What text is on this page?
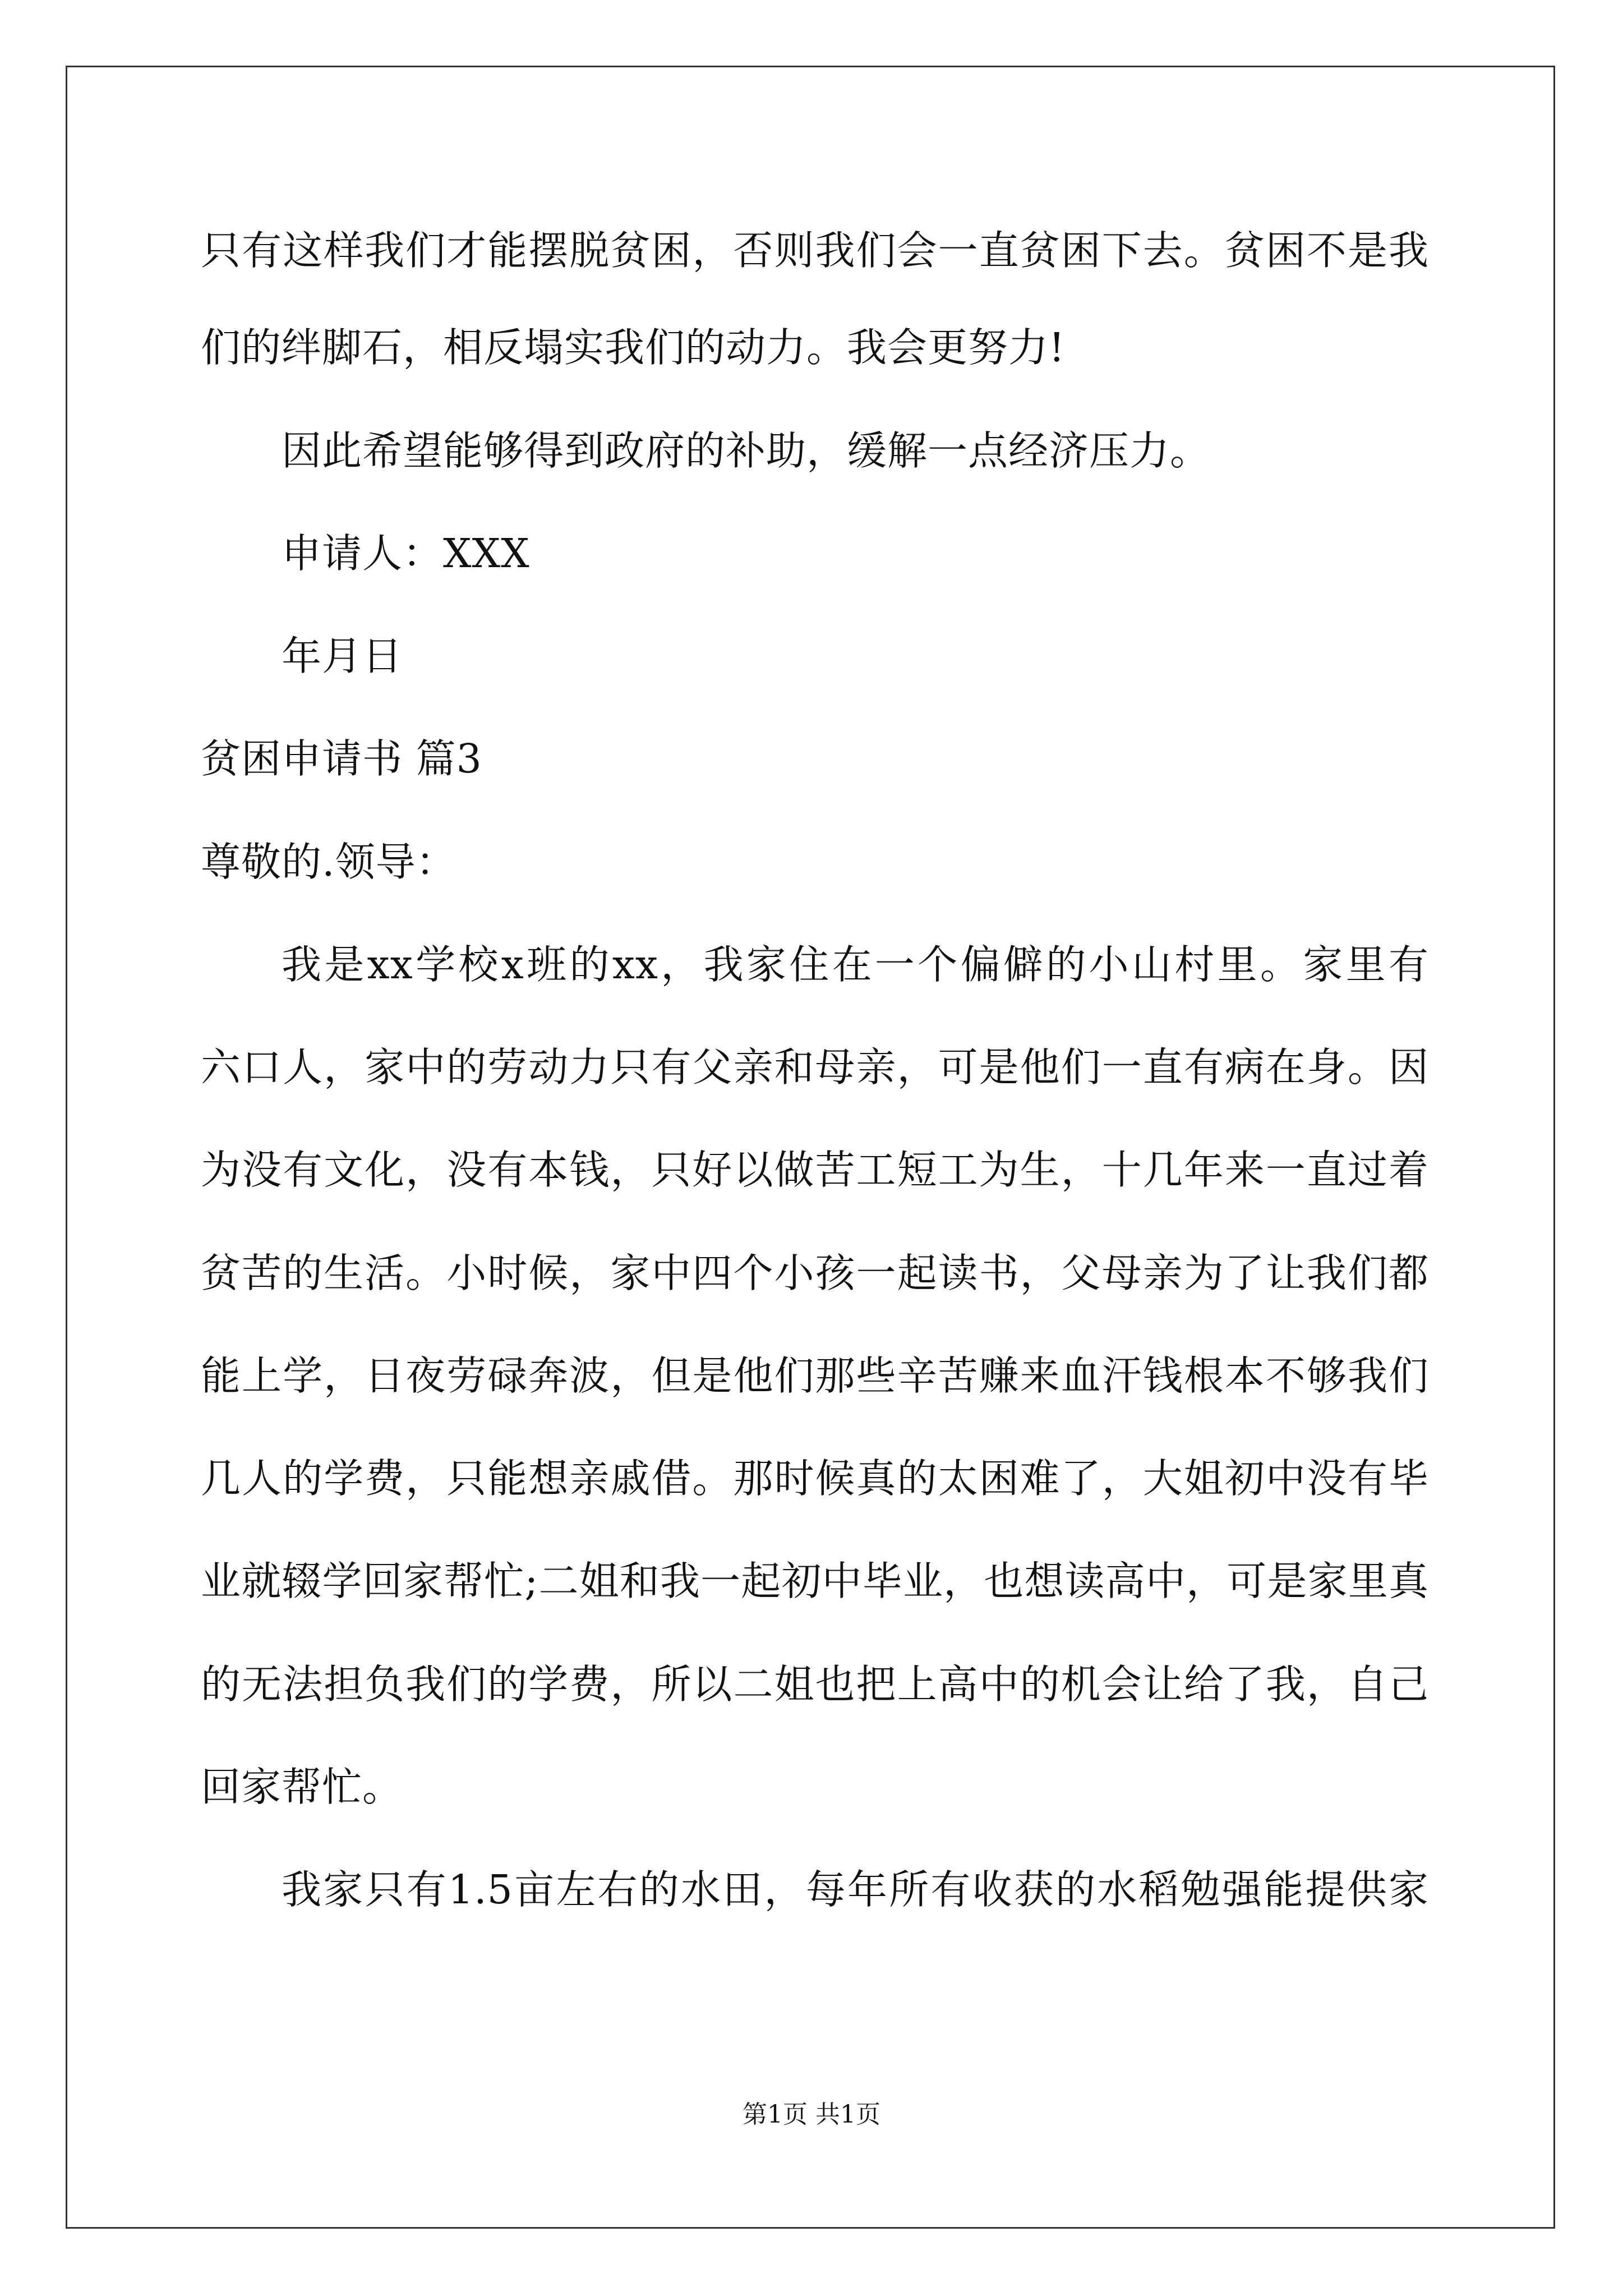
只有这样我们才能摆脱贫困，否则我们会一直贫困下去。贫困不是我
们的绊脚石，相反塌实我们的动力。我会更努力!
因此希望能够得到政府的补助，缓解一点经济压力。
申请人：XXX
年月日
贫困申请书 篇3
尊敬的.领导：
我是xx学校x班的xx，我家住在一个偏僻的小山村里。家里有
六口人，家中的劳动力只有父亲和母亲，可是他们一直有病在身。因
为没有文化，没有本钱，只好以做苦工短工为生，十几年来一直过着
贫苦的生活。小时候，家中四个小孩一起读书，父母亲为了让我们都
能上学，日夜劳碌奔波，但是他们那些辛苦赚来血汗钱根本不够我们
几人的学费，只能想亲戚借。那时候真的太困难了，大姐初中没有毕
业就辍学回家帮忙;二姐和我一起初中毕业，也想读高中，可是家里真
的无法担负我们的学费，所以二姐也把上高中的机会让给了我，自己
回家帮忙。
我家只有1.5亩左右的水田，每年所有收获的水稻勉强能提供家
第1页 共1页
